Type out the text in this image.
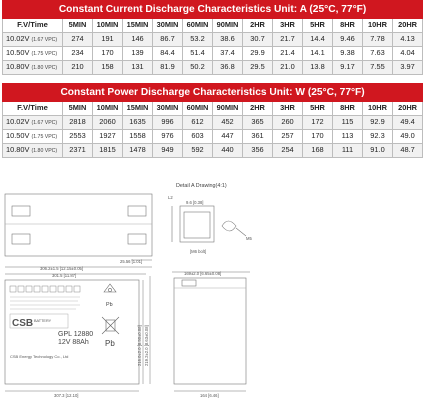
Constant Current Discharge Characteristics Unit: A (25°C, 77°F)												
F.V/Time	5MIN	10MIN	15MIN	30MIN	60MIN	90MIN	2HR	3HR	5HR	8HR	10HR	20HR
10.02V (1.67 VPC)	274	191	146	86.7	53.2	38.6	30.7	21.7	14.4	9.46	7.78	4.13
10.50V (1.75 VPC)	234	170	139	84.4	51.4	37.4	29.9	21.4	14.1	9.38	7.63	4.04
10.80V (1.80 VPC)	210	158	131	81.9	50.2	36.8	29.5	21.0	13.8	9.17	7.55	3.97
Constant Power Discharge Characteristics Unit: W (25°C, 77°F)												
F.V/Time	5MIN	10MIN	15MIN	30MIN	60MIN	90MIN	2HR	3HR	5HR	8HR	10HR	20HR
10.02V (1.67 VPC)	2818	2060	1635	996	612	452	365	260	172	115	92.9	49.4
10.50V (1.75 VPC)	2553	1927	1558	976	603	447	361	257	170	113	92.3	49.0
10.80V (1.80 VPC)	2371	1815	1478	949	592	440	356	254	168	111	91.0	48.7
25.56 [1.01]
306.2±1.5 [12.15±0.05]
301.5 [11.87]
Pb
CSB BATTERY
GPL 12880
12V 88Ah
CSB Energy Technology Co., Ltd
Pb
307.3 [12.10]
216.0±2.0 [8.50±0.08] 219.2±2.0 [8.63±0.08]
Detail A Drawing(4:1)
L2
9.6 [0.38]
M5
[M6 bolt]
169±2.0 [6.65±0.08]
164 [6.46]
